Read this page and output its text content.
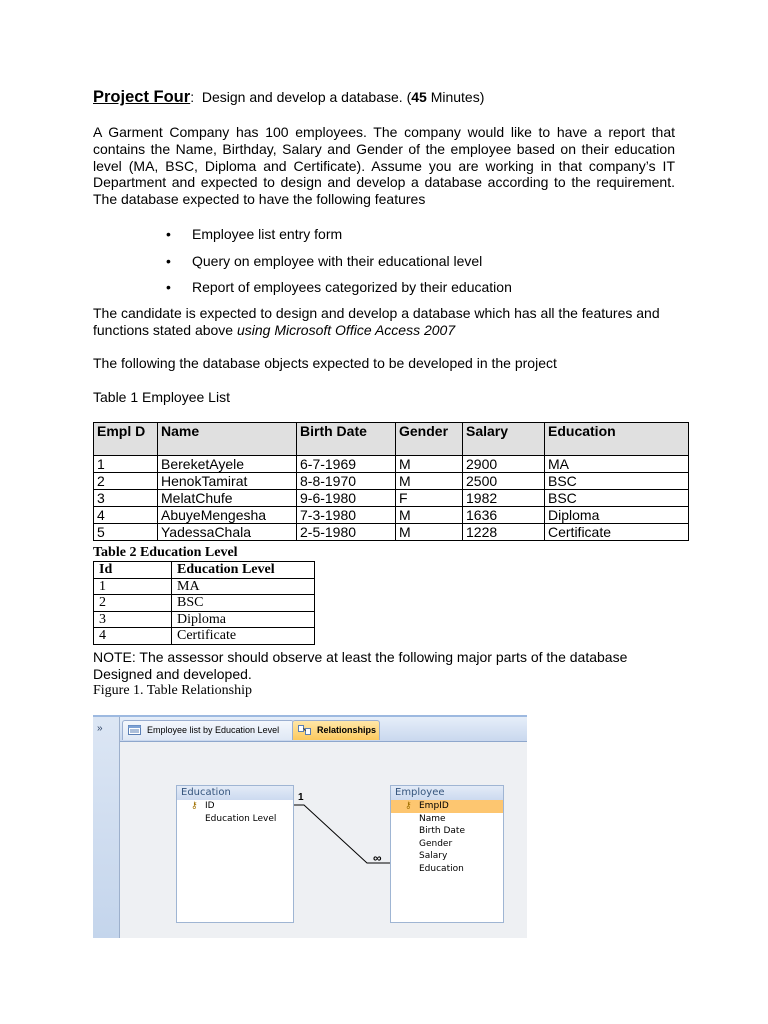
Project Four:  Design and develop a database. (45 Minutes)
A Garment Company has 100 employees. The company would like to have a report that contains the Name, Birthday, Salary and Gender of the employee based on their education level (MA, BSC, Diploma and Certificate). Assume you are working in that company’s IT Department and expected to design and develop a database according to the requirement. The database expected to have the following features
• Employee list entry form
• Query on employee with their educational level
• Report of employees categorized by their education
The candidate is expected to design and develop a database which has all the features and functions stated above using Microsoft Office Access 2007
The following the database objects expected to be developed in the project
Table 1 Employee List
Empl D	Name	Birth Date	Gender	Salary	Education
1	BereketAyele	6-7-1969	M	2900	MA
2	HenokTamirat	8-8-1970	M	2500	BSC
3	MelatChufe	9-6-1980	F	1982	BSC
4	AbuyeMengesha	7-3-1980	M	1636	Diploma
5	YadessaChala	2-5-1980	M	1228	Certificate
Table 2 Education Level
Id	Education Level
1	MA
2	BSC
3	Diploma
4	Certificate
NOTE: The assessor should observe at least the following major parts of the database Designed and developed.
Figure 1. Table Relationship
»	Employee list by Education Level	Relationships
1
∞
Education
⚷ ID
Education Level
Employee
⚷ EmpID
Name
Birth Date
Gender
Salary
Education
